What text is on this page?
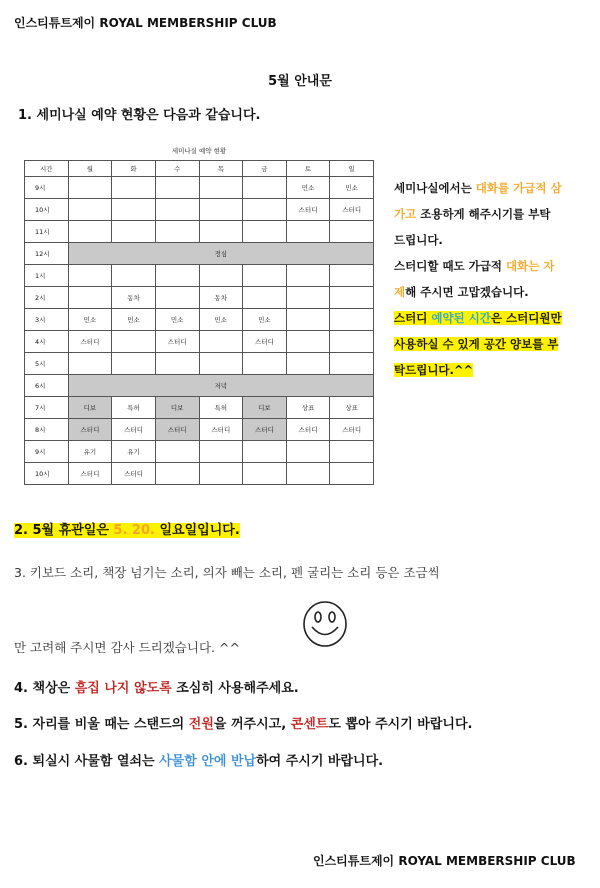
인스티튜트제이 ROYAL MEMBERSHIP CLUB
5월 안내문
1. 세미나실 예약 현황은 다음과 같습니다.
세미나실 예약 현황
시간	월	화	수	목	금	토	일
9시						민소	민소
10시						스터디	스터디
11시							
12시	정심						
1시							
2시		동차		동차			
3시	민소	민소	민소	민소	민소		
4시	스터디		스터디		스터디		
5시							
6시	저녁						
7시	디보	특허	디보	특허	디보	상표	상표
8시	스터디	스터디	스터디	스터디	스터디	스터디	스터디
9시	유기	유기					
10시	스터디	스터디					

세미나실에서는 대화를 가급적 삼가고 조용하게 해주시기를 부탁 드립니다.

스터디할 때도 가급적 대화는 자제해 주시면 고맙겠습니다.

스터디 예약된 시간은 스터디원만 사용하실 수 있게 공간 양보를 부탁드립니다.^^

2. 5월 휴관일은 5. 20. 일요일입니다.
3. 키보드 소리, 책장 넘기는 소리, 의자 빼는 소리, 펜 굴리는 소리 등은 조금씩
만 고려해 주시면 감사 드리겠습니다. ^^
4. 책상은 흠집 나지 않도록 조심히 사용해주세요.
5. 자리를 비울 때는 스탠드의 전원을 꺼주시고, 콘센트도 뽑아 주시기 바랍니다.
6. 퇴실시 사물함 열쇠는 사물함 안에 반납하여 주시기 바랍니다.
인스티튜트제이 ROYAL MEMBERSHIP CLUB
